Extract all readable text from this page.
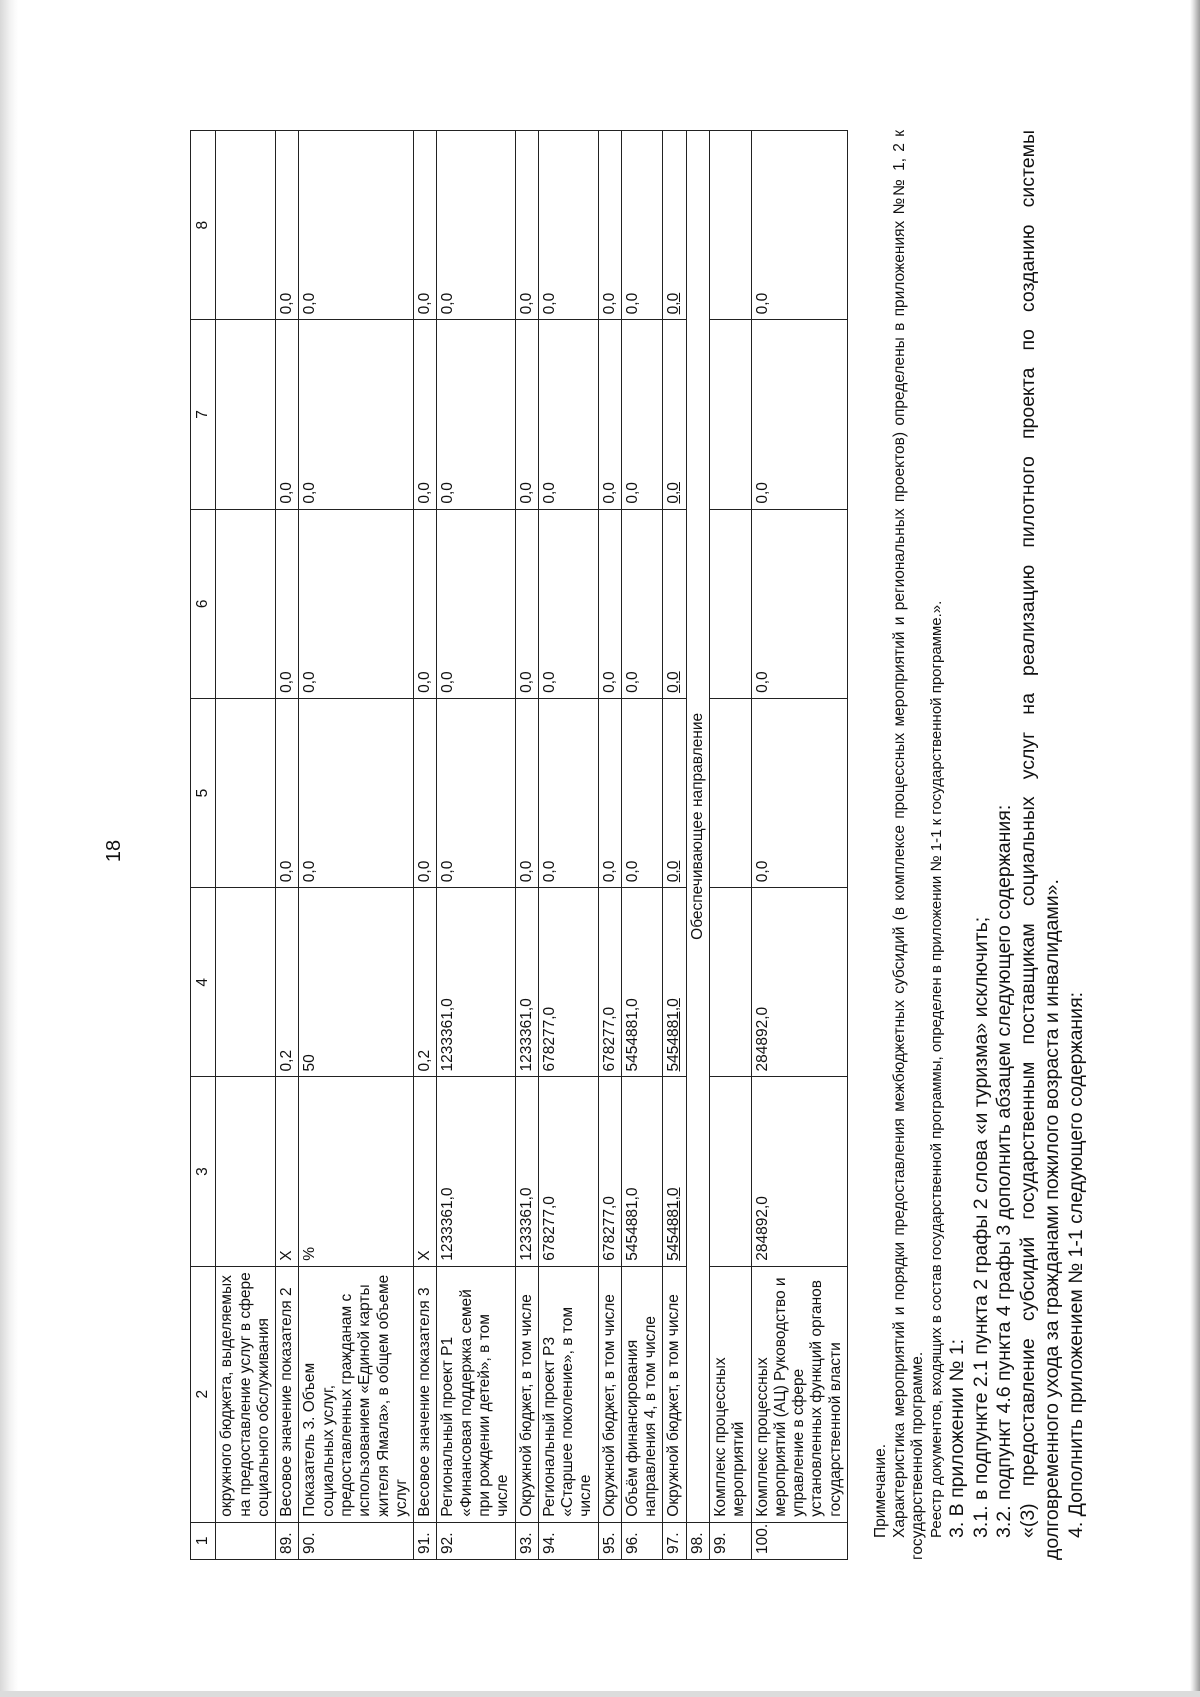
18
1	2	3	4	5	6	7	8
	окружного бюджета, выделяемых на предоставление услуг в сфере социального обслуживания						
89.	Весовое значение показателя 2	X	0,2	0,0	0,0	0,0	0,0
90.	Показатель 3. Объем социальных услуг, предоставленных гражданам с использованием «Единой карты жителя Ямала», в общем объеме услуг	%	50	0,0	0,0	0,0	0,0
91.	Весовое значение показателя 3	X	0,2	0,0	0,0	0,0	0,0
92.	Региональный проект Р1 «Финансовая поддержка семей при рождении детей», в том числе	1233361,0	1233361,0	0,0	0,0	0,0	0,0
93.	Окружной бюджет, в том числе	1233361,0	1233361,0	0,0	0,0	0,0	0,0
94.	Региональный проект Р3 «Старшее поколение», в том числе	678277,0	678277,0	0,0	0,0	0,0	0,0
95.	Окружной бюджет, в том числе	678277,0	678277,0	0,0	0,0	0,0	0,0
96.	Объём финансирования направления 4, в том числе	5454881,0	5454881,0	0,0	0,0	0,0	0,0
97.	Окружной бюджет, в том числе	5454881,0	5454881,0	0,0	0,0	0,0	0,0
98.	Обеспечивающее направление						
99.	Комплекс процессных мероприятий						
100.	Комплекс процессных мероприятий (АЦ) Руководство и управление в сфере установленных функций органов государственной власти	284892,0	284892,0	0,0	0,0	0,0	0,0

Примечание. Характеристика мероприятий и порядки предоставления межбюджетных субсидий (в комплексе процессных мероприятий и региональных проектов) определены в приложениях №№ 1, 2 к государственной программе. Реестр документов, входящих в состав государственной программы, определен в приложении № 1-1 к государственной программе.». 3. В приложении № 1: 3.1. в подпункте 2.1 пункта 2 графы 2 слова «и туризма» исключить; 3.2. подпункт 4.6 пункта 4 графы 3 дополнить абзацем следующего содержания: «(3) предоставление субсидий государственным поставщикам социальных услуг на реализацию пилотного проекта по созданию системы долговременного ухода за гражданами пожилого возраста и инвалидами». 4. Дополнить приложением № 1-1 следующего содержания:
